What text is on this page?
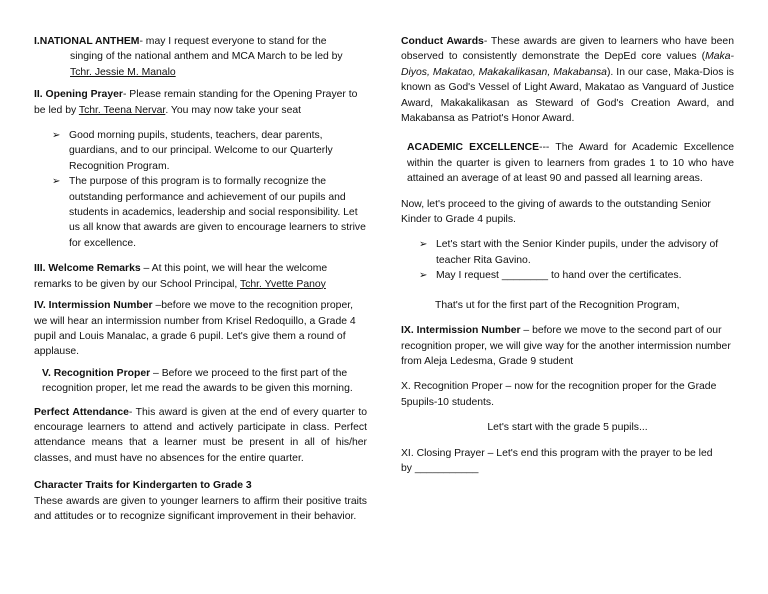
I.NATIONAL ANTHEM- may I request everyone to stand for the

singing of the national anthem and MCA March to be led by

Tchr. Jessie M. Manalo

II. Opening Prayer- Please remain standing for the Opening Prayer to be led by Tchr. Teena Nervar. You may now take your seat

➢ Good morning pupils, students, teachers, dear parents, guardians, and to our principal. Welcome to our Quarterly Recognition Program.
➢ The purpose of this program is to formally recognize the outstanding performance and achievement of our pupils and students in academics, leadership and social responsibility. Let us all know that awards are given to encourage learners to strive for excellence.

III. Welcome Remarks – At this point, we will hear the welcome remarks to be given by our School Principal, Tchr. Yvette Panoy

IV. Intermission Number –before we move to the recognition proper, we will hear an intermission number from Krisel Redoquillo, a Grade 4 pupil and Louis Manalac, a grade 6 pupil. Let's give them a round of applause.

V. Recognition Proper – Before we proceed to the first part of the recognition proper, let me read the awards to be given this morning.

Perfect Attendance- This award is given at the end of every quarter to encourage learners to attend and actively participate in class. Perfect attendance means that a learner must be present in all of his/her classes, and must have no absences for the entire quarter.

Character Traits for Kindergarten to Grade 3

These awards are given to younger learners to affirm their positive traits and attitudes or to recognize significant improvement in their behavior.

Conduct Awards- These awards are given to learners who have been observed to consistently demonstrate the DepEd core values (Maka-Diyos, Makatao, Makakalikasan, Makabansa). In our case, Maka-Dios is known as God's Vessel of Light Award, Makatao as Vanguard of Justice Award, Makakalikasan as Steward of God's Creation Award, and Makabansa as Patriot's Honor Award.

ACADEMIC EXCELLENCE--- The Award for Academic Excellence within the quarter is given to learners from grades 1 to 10 who have attained an average of at least 90 and passed all learning areas.

Now, let's proceed to the giving of awards to the outstanding Senior Kinder to Grade 4 pupils.

➢ Let's start with the Senior Kinder pupils, under the advisory of teacher Rita Gavino.
➢ May I request ________ to hand over the certificates.

That's ut for the first part of the Recognition Program,

IX. Intermission Number – before we move to the second part of our recognition proper, we will give way for the another intermission number from Aleja Ledesma, Grade 9 student

X. Recognition Proper – now for the recognition proper for the Grade 5pupils-10 students.

Let's start with the grade 5 pupils...

XI. Closing Prayer – Let's end this program with the prayer to be led

by ___________
